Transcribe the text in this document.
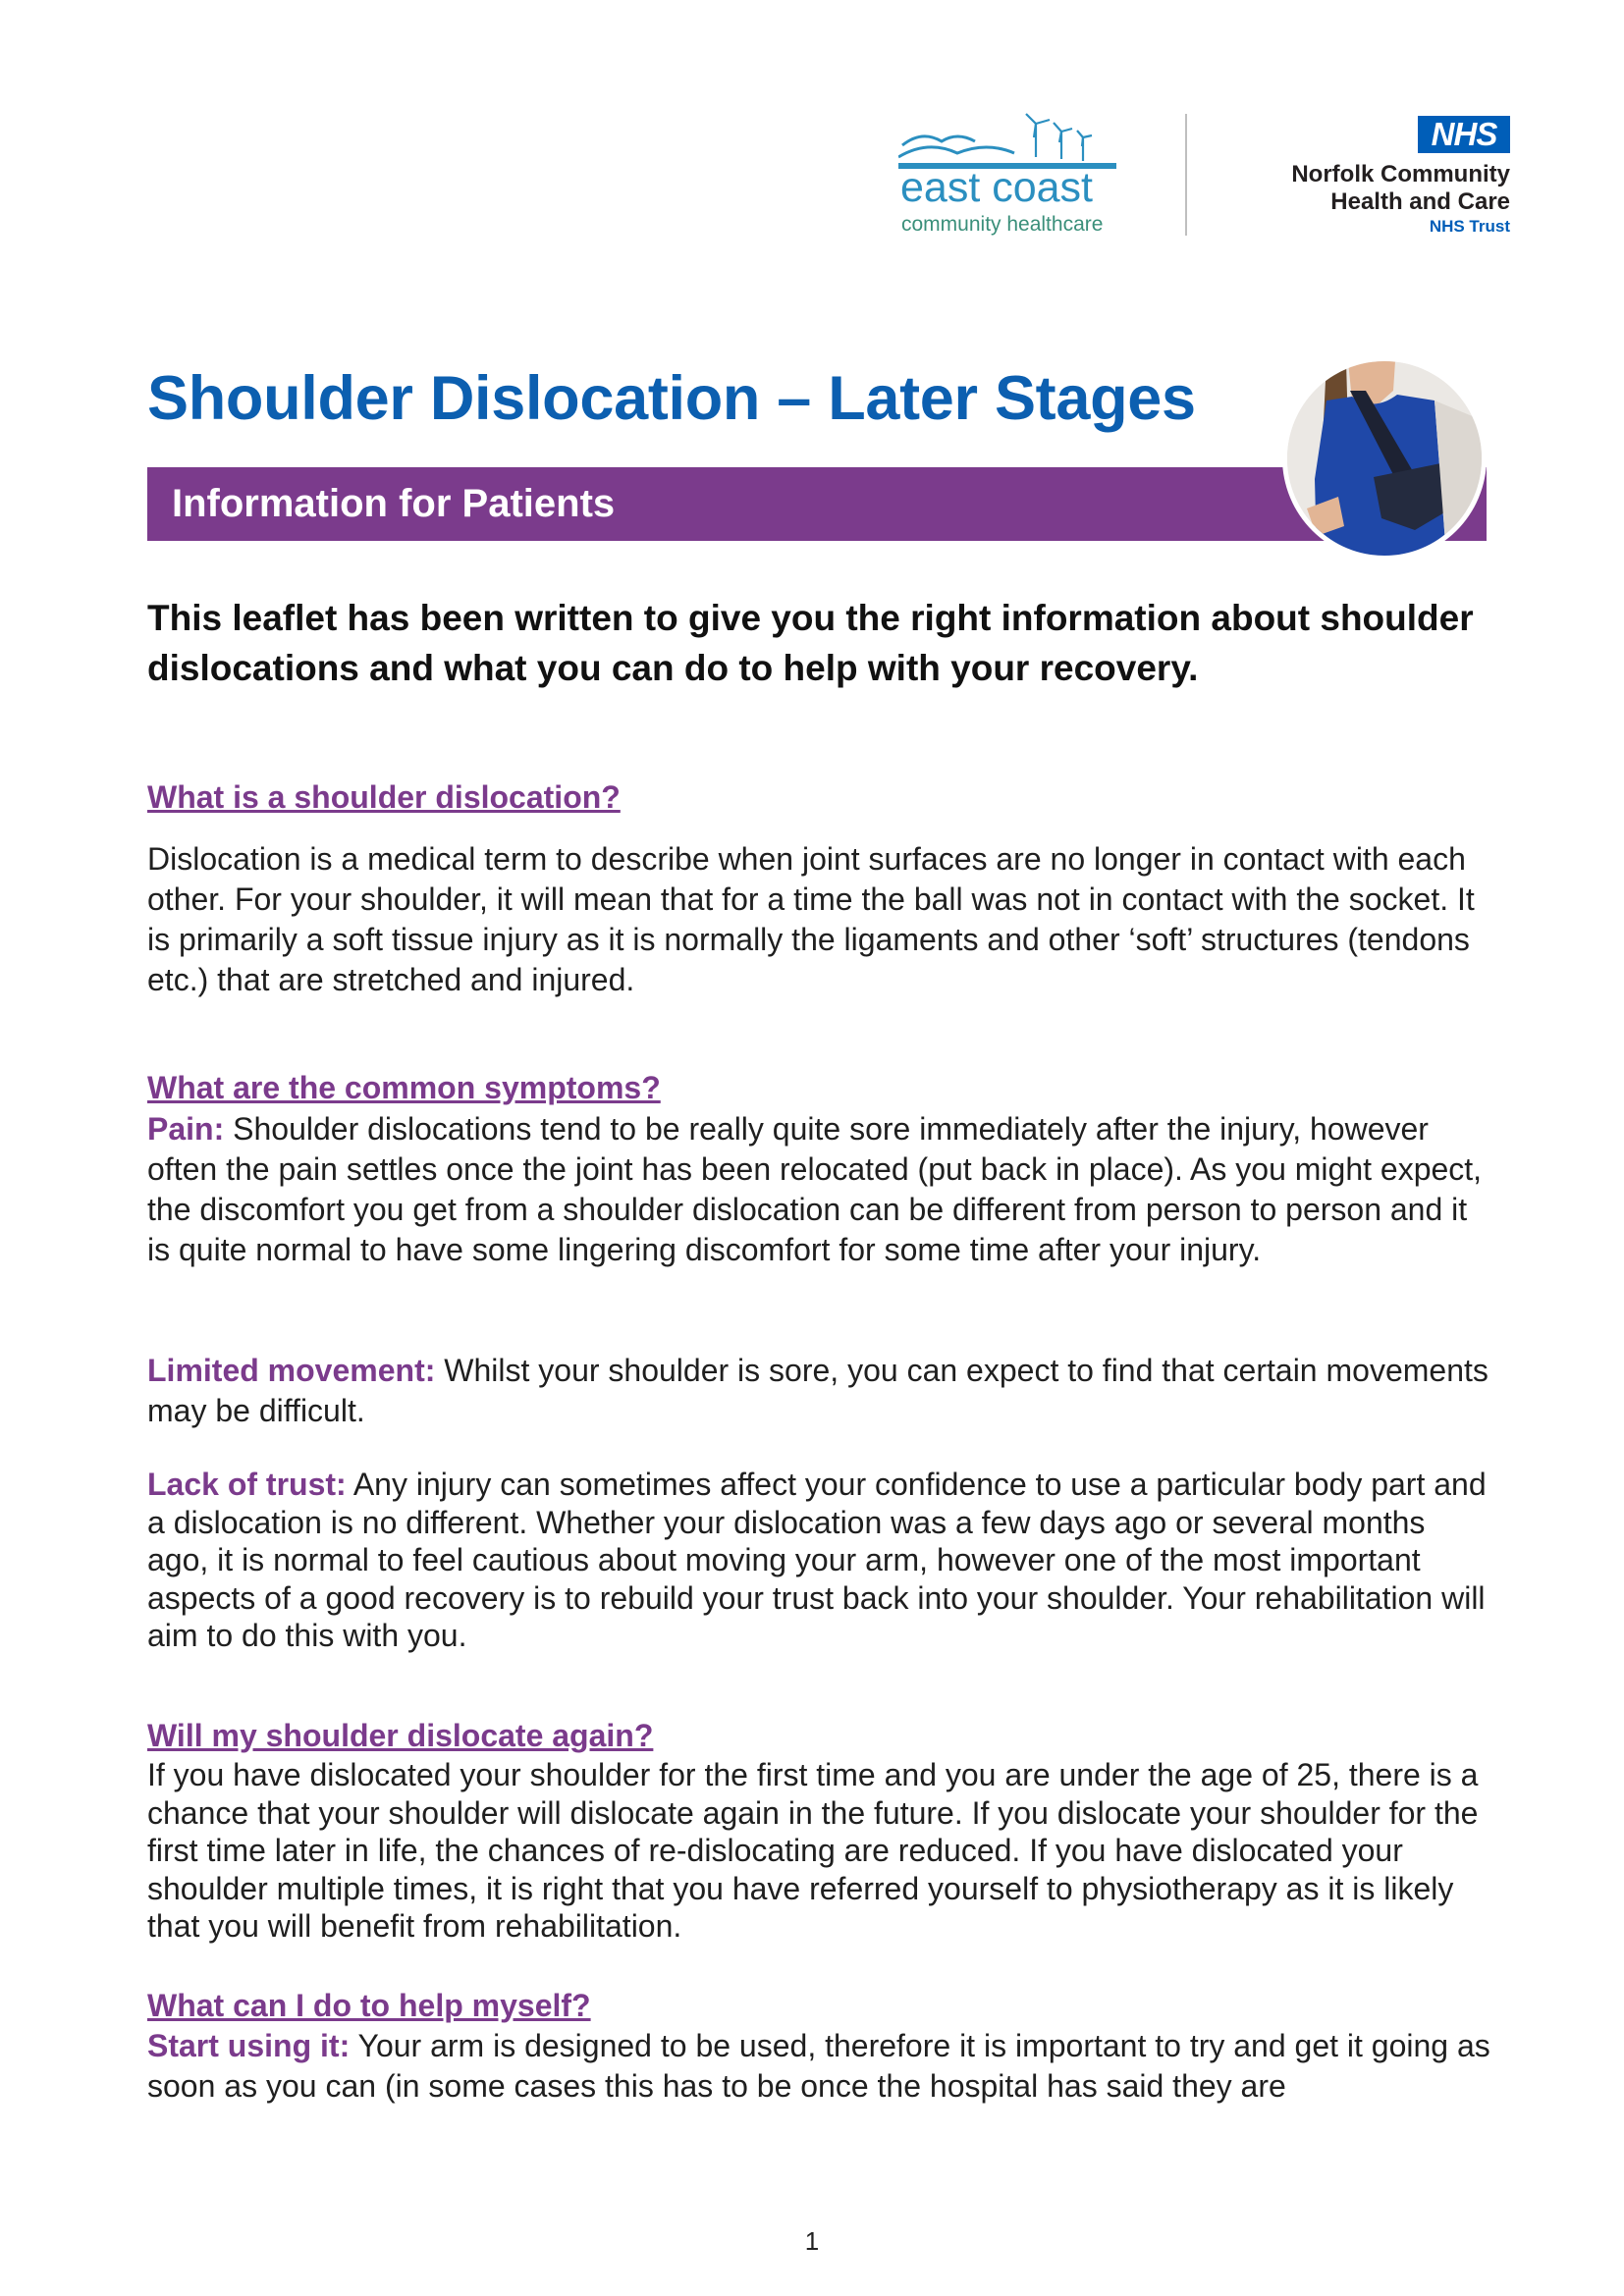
east coast
community healthcare
NHS
Norfolk Community
Health and Care
NHS Trust
Shoulder Dislocation – Later Stages
Information for Patients

This leaflet has been written to give you the right information about shoulder dislocations and what you can do to help with your recovery.

What is a shoulder dislocation?

Dislocation is a medical term to describe when joint surfaces are no longer in contact with each other. For your shoulder, it will mean that for a time the ball was not in contact with the socket. It is primarily a soft tissue injury as it is normally the ligaments and other ‘soft’ structures (tendons etc.) that are stretched and injured.

What are the common symptoms?

Pain: Shoulder dislocations tend to be really quite sore immediately after the injury, however often the pain settles once the joint has been relocated (put back in place). As you might expect, the discomfort you get from a shoulder dislocation can be different from person to person and it is quite normal to have some lingering discomfort for some time after your injury.

Limited movement: Whilst your shoulder is sore, you can expect to find that certain movements may be difficult.

Lack of trust: Any injury can sometimes affect your confidence to use a particular body part and a dislocation is no different. Whether your dislocation was a few days ago or several months ago, it is normal to feel cautious about moving your arm, however one of the most important aspects of a good recovery is to rebuild your trust back into your shoulder. Your rehabilitation will aim to do this with you.

Will my shoulder dislocate again?

If you have dislocated your shoulder for the first time and you are under the age of 25, there is a chance that your shoulder will dislocate again in the future. If you dislocate your shoulder for the first time later in life, the chances of re-dislocating are reduced. If you have dislocated your shoulder multiple times, it is right that you have referred yourself to physiotherapy as it is likely that you will benefit from rehabilitation.

What can I do to help myself?

Start using it: Your arm is designed to be used, therefore it is important to try and get it going as soon as you can (in some cases this has to be once the hospital has said they are

1
